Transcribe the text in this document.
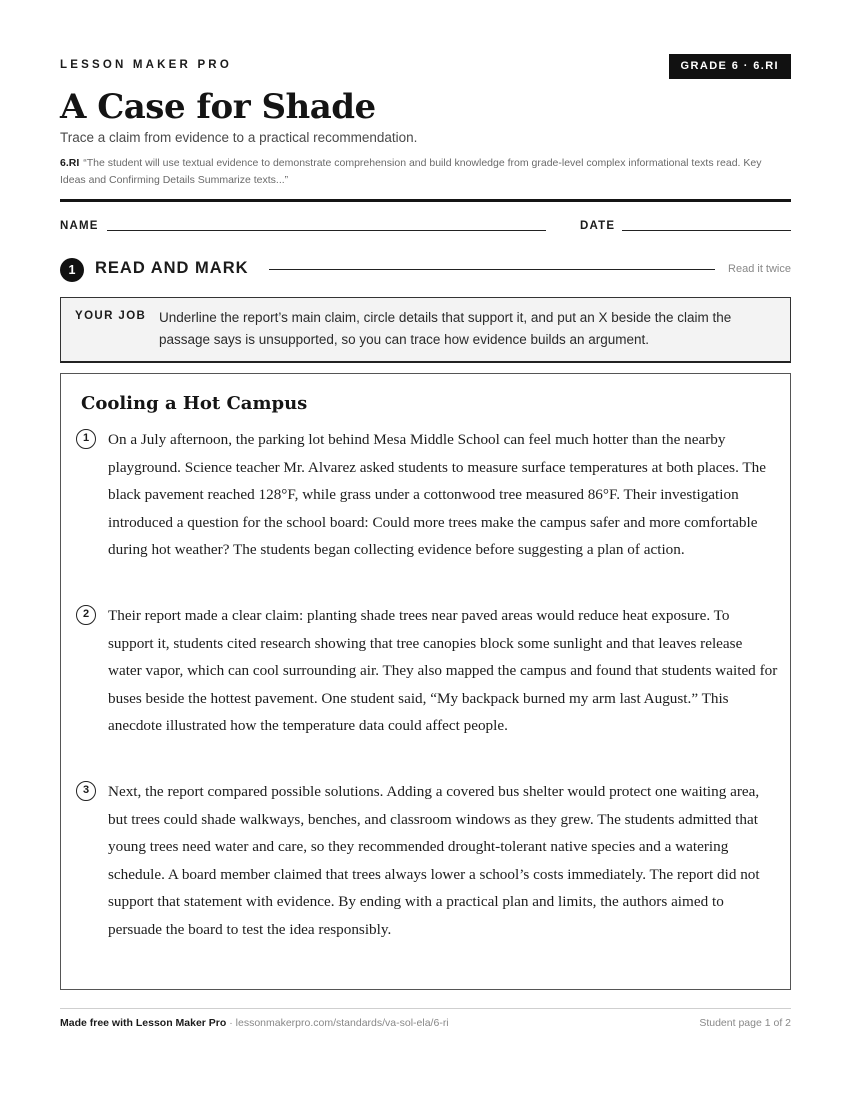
LESSON MAKER PRO	GRADE 6 · 6.RI
A Case for Shade
Trace a claim from evidence to a practical recommendation.
6.RI “The student will use textual evidence to demonstrate comprehension and build knowledge from grade-level complex informational texts read. Key Ideas and Confirming Details Summarize texts...”
NAME	DATE
1	READ AND MARK	Read it twice
YOUR JOB Underline the report’s main claim, circle details that support it, and put an X beside the claim the passage says is unsupported, so you can trace how evidence builds an argument.
Cooling a Hot Campus
1	On a July afternoon, the parking lot behind Mesa Middle School can feel much hotter than the nearby playground. Science teacher Mr. Alvarez asked students to measure surface temperatures at both places. The black pavement reached 128°F, while grass under a cottonwood tree measured 86°F. Their investigation introduced a question for the school board: Could more trees make the campus safer and more comfortable during hot weather? The students began collecting evidence before suggesting a plan of action.
2	Their report made a clear claim: planting shade trees near paved areas would reduce heat exposure. To support it, students cited research showing that tree canopies block some sunlight and that leaves release water vapor, which can cool surrounding air. They also mapped the campus and found that students waited for buses beside the hottest pavement. One student said, “My backpack burned my arm last August.” This anecdote illustrated how the temperature data could affect people.
3	Next, the report compared possible solutions. Adding a covered bus shelter would protect one waiting area, but trees could shade walkways, benches, and classroom windows as they grew. The students admitted that young trees need water and care, so they recommended drought-tolerant native species and a watering schedule. A board member claimed that trees always lower a school’s costs immediately. The report did not support that statement with evidence. By ending with a practical plan and limits, the authors aimed to persuade the board to test the idea responsibly.
Made free with Lesson Maker Pro · lessonmakerpro.com/standards/va-sol-ela/6-ri	Student page 1 of 2
